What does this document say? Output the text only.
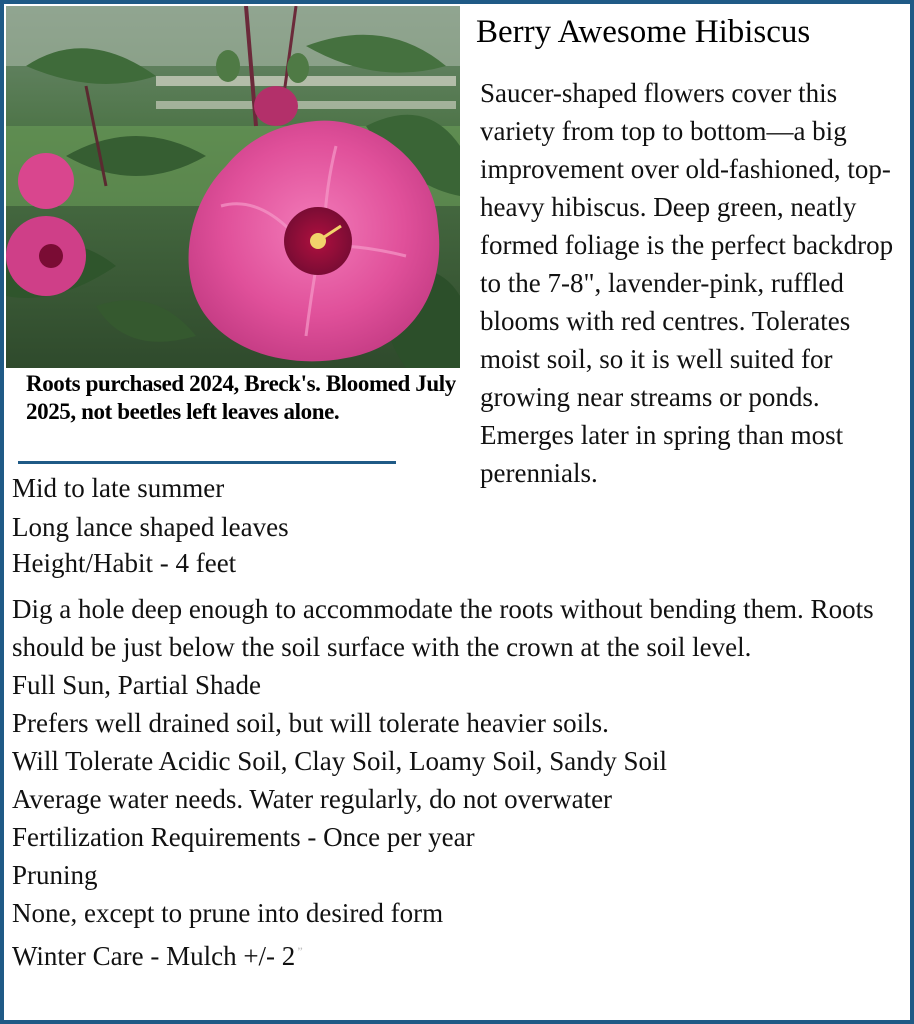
Roots purchased 2024, Breck's. Bloomed July 2025, not beetles left leaves alone.
Berry Awesome Hibiscus

Saucer-shaped flowers cover this variety from top to bottom—a big improvement over old-fashioned, top-heavy hibiscus. Deep green, neatly formed foliage is the perfect backdrop to the 7-8", lavender-pink, ruffled blooms with red centres. Tolerates moist soil, so it is well suited for growing near streams or ponds. Emerges later in spring than most perennials.

Mid to late summer
Long lance shaped leaves
Height/Habit - 4 feet
Dig a hole deep enough to accommodate the roots without bending them. Roots should be just below the soil surface with the crown at the soil level.
Full Sun, Partial Shade
Prefers well drained soil, but will tolerate heavier soils.
Will Tolerate Acidic Soil, Clay Soil, Loamy Soil, Sandy Soil
Average water needs. Water regularly, do not overwater
Fertilization Requirements - Once per year
Pruning
None, except to prune into desired form
Winter Care - Mulch +/- 2 ”
